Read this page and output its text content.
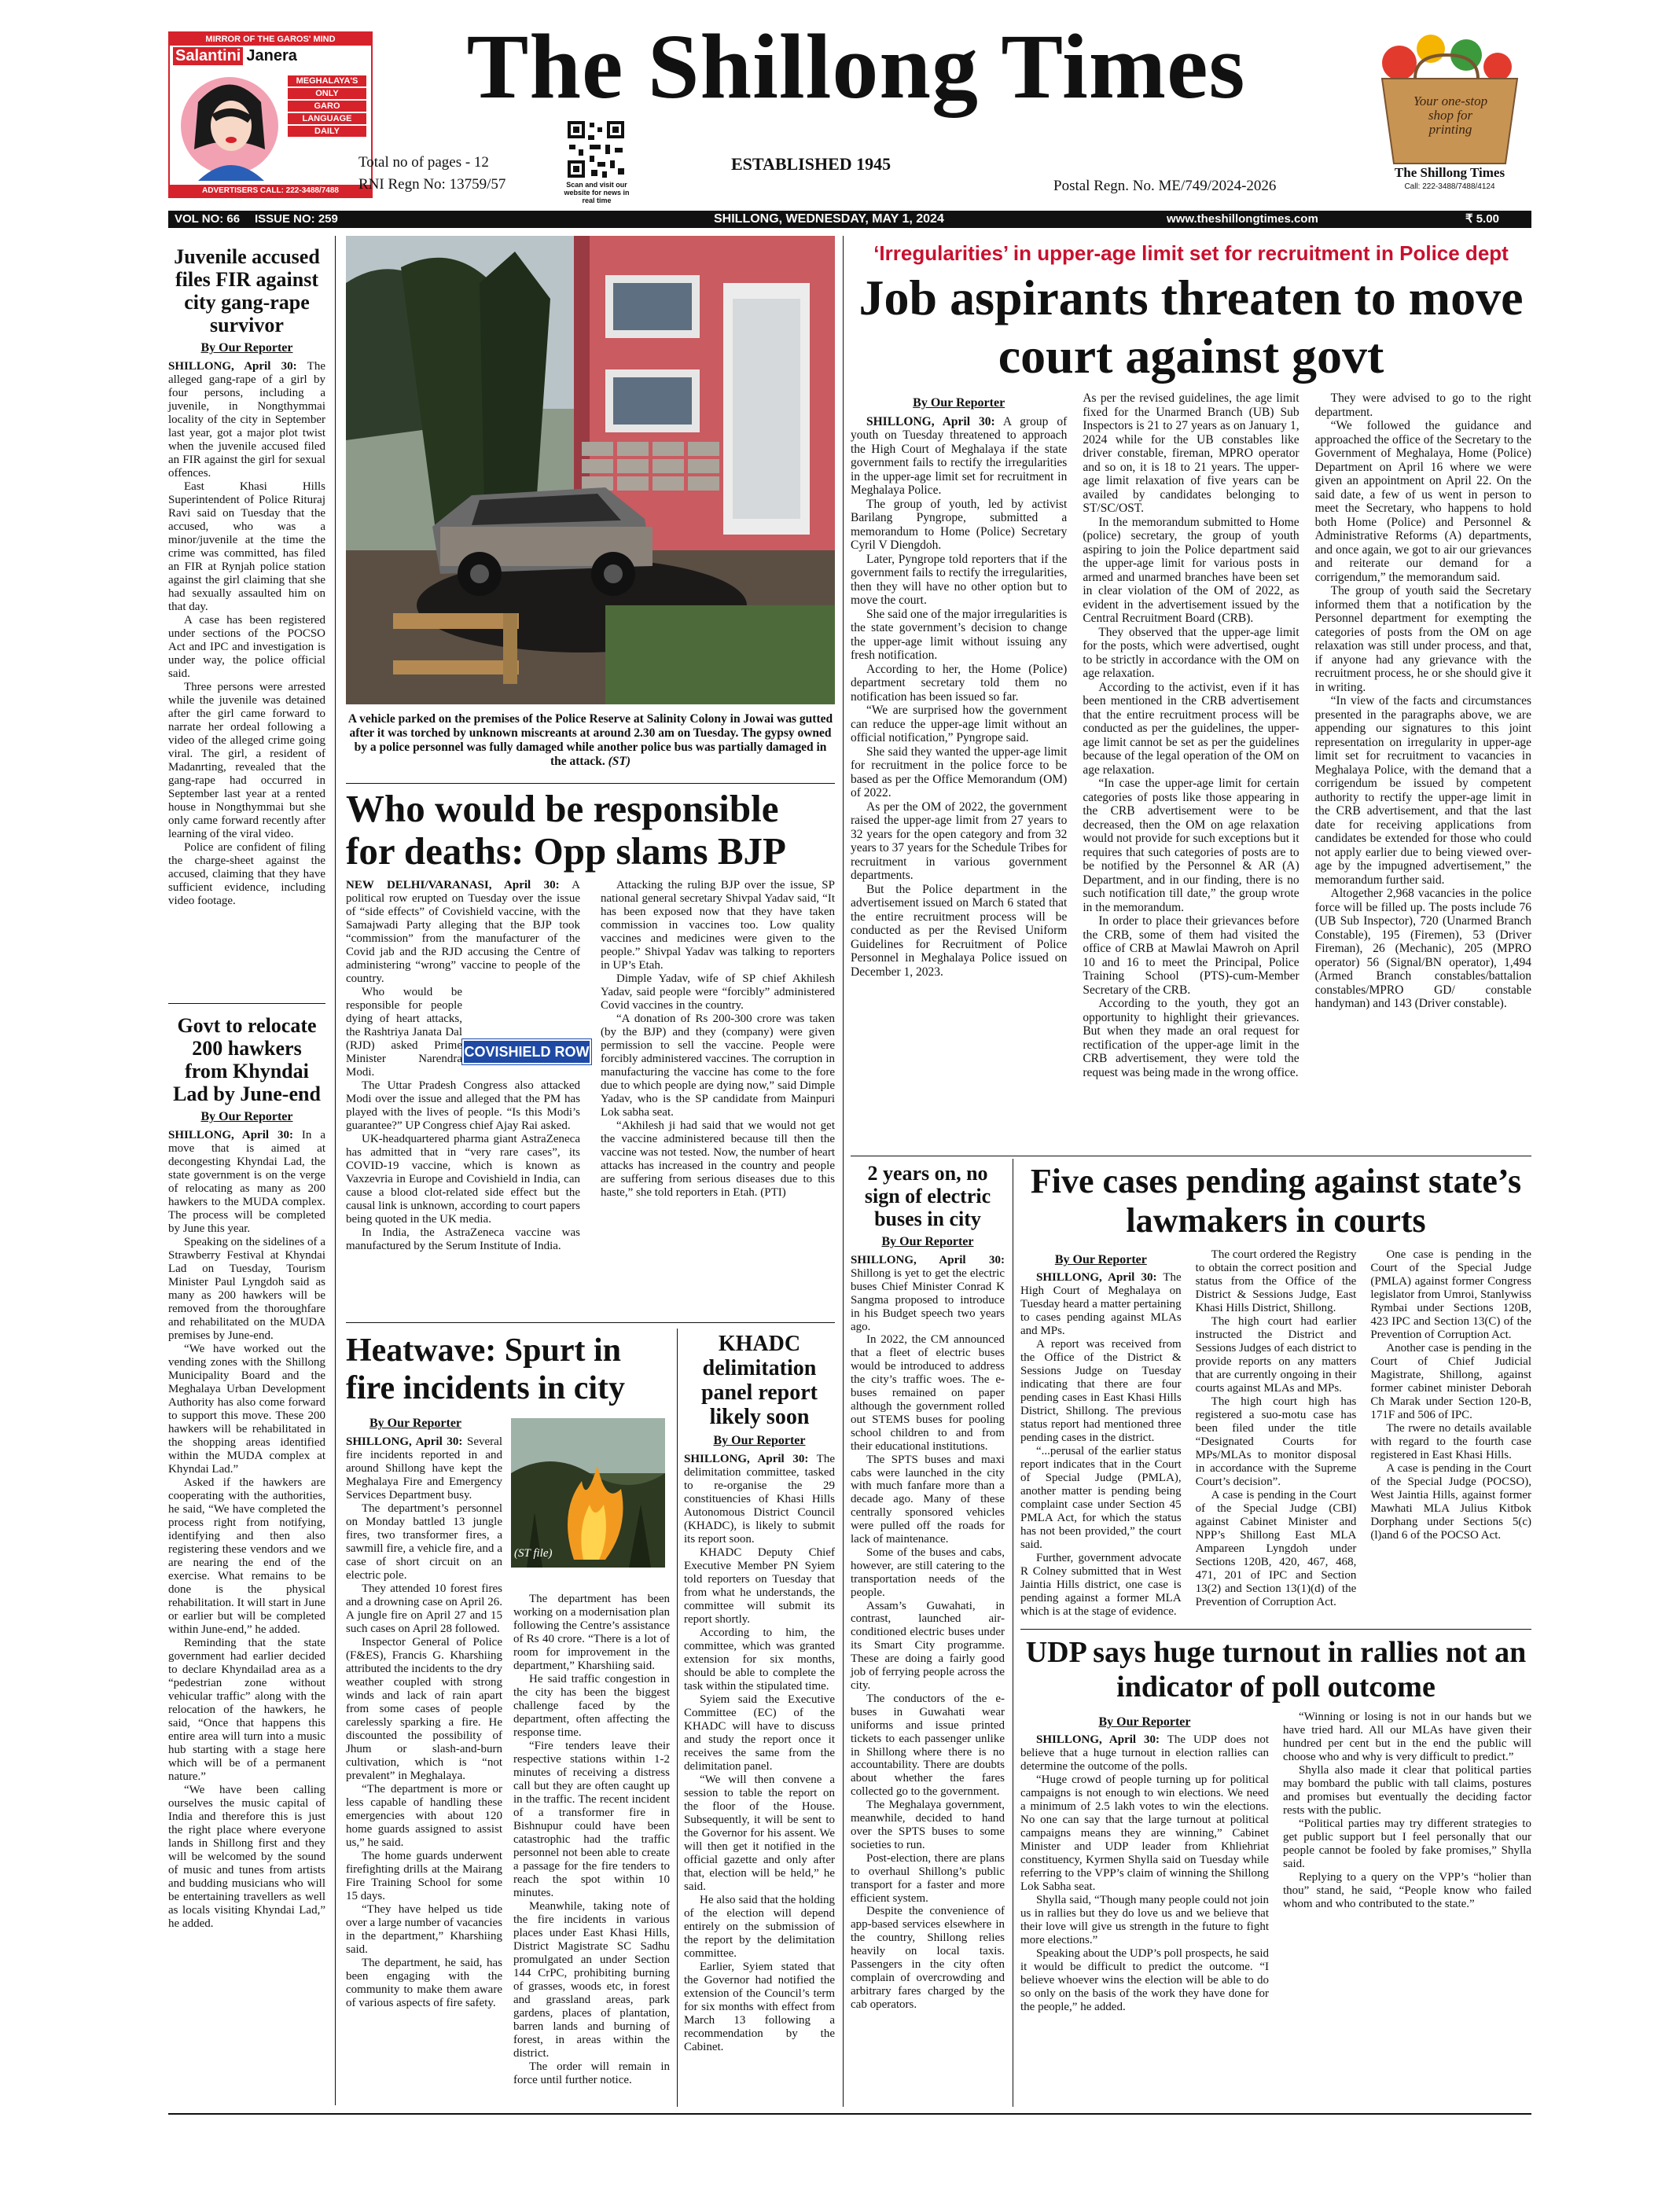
MIRROR OF THE GAROS' MIND
Salantini Janera
MEGHALAYA'S
ONLY
GARO
LANGUAGE
DAILY
ADVERTISERS CALL: 222-3488/7488
The Shillong Times
Total no of pages - 12
RNI Regn No: 13759/57	Scan and visit our website for news in real time
ESTABLISHED 1945
Postal Regn. No. ME/749/2024-2026
Your one-stop shop for printing
The Shillong Times
Call: 222-3488/7488/4124
VOL NO: 66 ISSUE NO: 259	SHILLONG, WEDNESDAY, MAY 1, 2024	www.theshillongtimes.com	₹ 5.00
Juvenile accused files FIR against city gang-rape survivor
By Our Reporter

SHILLONG, April 30: The alleged gang-rape of a girl by four persons, including a juvenile, in Nongthymmai locality of the city in September last year, got a major plot twist when the juvenile accused filed an FIR against the girl for sexual offences.

East Khasi Hills Superintendent of Police Rituraj Ravi said on Tuesday that the accused, who was a minor/juvenile at the time the crime was committed, has filed an FIR at Rynjah police station against the girl claiming that she had sexually assaulted him on that day.

A case has been registered under sections of the POCSO Act and IPC and investigation is under way, the police official said.

Three persons were arrested while the juvenile was detained after the girl came forward to narrate her ordeal following a video of the alleged crime going viral. The girl, a resident of Madanrting, revealed that the gang-rape had occurred in September last year at a rented house in Nongthymmai but she only came forward recently after learning of the viral video.

Police are confident of filing the charge-sheet against the accused, claiming that they have sufficient evidence, including video footage.

Govt to relocate 200 hawkers from Khyndai Lad by June-end
By Our Reporter

SHILLONG, April 30: In a move that is aimed at decongesting Khyndai Lad, the state government is on the verge of relocating as many as 200 hawkers to the MUDA complex. The process will be completed by June this year.

Speaking on the sidelines of a Strawberry Festival at Khyndai Lad on Tuesday, Tourism Minister Paul Lyngdoh said as many as 200 hawkers will be removed from the thoroughfare and rehabilitated on the MUDA premises by June-end.

“We have worked out the vending zones with the Shillong Municipality Board and the Meghalaya Urban Development Authority has also come forward to support this move. These 200 hawkers will be rehabilitated in the shopping areas identified within the MUDA complex at Khyndai Lad.”

Asked if the hawkers are cooperating with the authorities, he said, “We have completed the process right from notifying, identifying and then also registering these vendors and we are nearing the end of the exercise. What remains to be done is the physical rehabilitation. It will start in June or earlier but will be completed within June-end,” he added.

Reminding that the state government had earlier decided to declare Khyndailad area as a “pedestrian zone without vehicular traffic” along with the relocation of the hawkers, he said, “Once that happens this entire area will turn into a music hub starting with a stage here which will be of a permanent nature.”

“We have been calling ourselves the music capital of India and therefore this is just the right place where everyone lands in Shillong first and they will be welcomed by the sound of music and tunes from artists and budding musicians who will be entertaining travellers as well as locals visiting Khyndai Lad,” he added.

A vehicle parked on the premises of the Police Reserve at Salinity Colony in Jowai was gutted after it was torched by unknown miscreants at around 2.30 am on Tuesday. The gypsy owned by a police personnel was fully damaged while another police bus was partially damaged in the attack. (ST)
Who would be responsible for deaths: Opp slams BJP
COVISHIELD ROW

NEW DELHI/VARANASI, April 30: A political row erupted on Tuesday over the issue of “side effects” of Covishield vaccine, with the Samajwadi Party alleging that the BJP took “commission” from the manufacturer of the Covid jab and the RJD accusing the Centre of administering “wrong” vaccine to people of the country.

Who would be responsible for people dying of heart attacks, the Rashtriya Janata Dal (RJD) asked Prime Minister Narendra Modi.

The Uttar Pradesh Congress also attacked Modi over the issue and alleged that the PM has played with the lives of people. “Is this Modi’s guarantee?” UP Congress chief Ajay Rai asked.

UK-headquartered pharma giant AstraZeneca has admitted that in “very rare cases”, its COVID-19 vaccine, which is known as Vaxzevria in Europe and Covishield in India, can cause a blood clot-related side effect but the causal link is unknown, according to court papers being quoted in the UK media.

In India, the AstraZeneca vaccine was manufactured by the Serum Institute of India.

Attacking the ruling BJP over the issue, SP national general secretary Shivpal Yadav said, “It has been exposed now that they have taken commission in vaccines too. Low quality vaccines and medicines were given to the people.” Shivpal Yadav was talking to reporters in UP’s Etah.

Dimple Yadav, wife of SP chief Akhilesh Yadav, said people were “forcibly” administered Covid vaccines in the country.

“A donation of Rs 200-300 crore was taken (by the BJP) and they (company) were given permission to sell the vaccine. People were forcibly administered vaccines. The corruption in manufacturing the vaccine has come to the fore due to which people are dying now,” said Dimple Yadav, who is the SP candidate from Mainpuri Lok sabha seat.

“Akhilesh ji had said that we would not get the vaccine administered because till then the vaccine was not tested. Now, the number of heart attacks has increased in the country and people are suffering from serious diseases due to this haste,” she told reporters in Etah. (PTI)

Heatwave: Spurt in fire incidents in city
By Our Reporter
(ST file)

SHILLONG, April 30: Several fire incidents reported in and around Shillong have kept the Meghalaya Fire and Emergency Services Department busy.

The department’s personnel on Monday battled 13 jungle fires, two transformer fires, a sawmill fire, a vehicle fire, and a case of short circuit on an electric pole.

They attended 10 forest fires and a drowning case on April 26. A jungle fire on April 27 and 15 such cases on April 28 followed.

Inspector General of Police (F&ES), Francis G. Kharshiing attributed the incidents to the dry weather coupled with strong winds and lack of rain apart from some cases of people carelessly sparking a fire. He discounted the possibility of Jhum or slash-and-burn cultivation, which is “not prevalent” in Meghalaya.

“The department is more or less capable of handling these emergencies with about 120 home guards assigned to assist us,” he said.

The home guards underwent firefighting drills at the Mairang Fire Training School for some 15 days.

“They have helped us tide over a large number of vacancies in the department,” Kharshiing said.

The department, he said, has been engaging with the community to make them aware of various aspects of fire safety.

The department has been working on a modernisation plan following the Centre’s assistance of Rs 40 crore. “There is a lot of room for improvement in the department,” Kharshiing said.

He said traffic congestion in the city has been the biggest challenge faced by the department, often affecting the response time.

“Fire tenders leave their respective stations within 1-2 minutes of receiving a distress call but they are often caught up in the traffic. The recent incident of a transformer fire in Bishnupur could have been catastrophic had the traffic personnel not been able to create a passage for the fire tenders to reach the spot within 10 minutes.

Meanwhile, taking note of the fire incidents in various places under East Khasi Hills, District Magistrate SC Sadhu promulgated an under Section 144 CrPC, prohibiting burning of grasses, woods etc, in forest and grassland areas, park gardens, places of plantation, barren lands and burning of forest, in areas within the district.

The order will remain in force until further notice.

KHADC delimitation panel report likely soon
By Our Reporter

SHILLONG, April 30: The delimitation committee, tasked to re-organise the 29 constituencies of Khasi Hills Autonomous District Council (KHADC), is likely to submit its report soon.

KHADC Deputy Chief Executive Member PN Syiem told reporters on Tuesday that from what he understands, the committee will submit its report shortly.

According to him, the committee, which was granted extension for six months, should be able to complete the task within the stipulated time.

Syiem said the Executive Committee (EC) of the KHADC will have to discuss and study the report once it receives the same from the delimitation panel.

“We will then convene a session to table the report on the floor of the House. Subsequently, it will be sent to the Governor for his assent. We will then get it notified in the official gazette and only after that, election will be held,” he said.

He also said that the holding of the election will depend entirely on the submission of the report by the delimitation committee.

Earlier, Syiem stated that the Governor had notified the extension of the Council’s term for six months with effect from March 13 following a recommendation by the Cabinet.

‘Irregularities’ in upper-age limit set for recruitment in Police dept
Job aspirants threaten to move court against govt
By Our Reporter

SHILLONG, April 30: A group of youth on Tuesday threatened to approach the High Court of Meghalaya if the state government fails to rectify the irregularities in the upper-age limit set for recruitment in Meghalaya Police.

The group of youth, led by activist Barilang Pyngrope, submitted a memorandum to Home (Police) Secretary Cyril V Diengdoh.

Later, Pyngrope told reporters that if the government fails to rectify the irregularities, then they will have no other option but to move the court.

She said one of the major irregularities is the state government’s decision to change the upper-age limit without issuing any fresh notification.

According to her, the Home (Police) department secretary told them no notification has been issued so far.

“We are surprised how the government can reduce the upper-age limit without an official notification,” Pyngrope said.

She said they wanted the upper-age limit for recruitment in the police force to be based as per the Office Memorandum (OM) of 2022.

As per the OM of 2022, the government raised the upper-age limit from 27 years to 32 years for the open category and from 32 years to 37 years for the Schedule Tribes for recruitment in various government departments.

But the Police department in the advertisement issued on March 6 stated that the entire recruitment process will be conducted as per the Revised Uniform Guidelines for Recruitment of Police Personnel in Meghalaya Police issued on December 1, 2023.

As per the revised guidelines, the age limit fixed for the Unarmed Branch (UB) Sub Inspectors is 21 to 27 years as on January 1, 2024 while for the UB constables like driver constable, fireman, MPRO operator and so on, it is 18 to 21 years. The upper-age limit relaxation of five years can be availed by candidates belonging to ST/SC/OST.

In the memorandum submitted to Home (police) secretary, the group of youth aspiring to join the Police department said the upper-age limit for various posts in armed and unarmed branches have been set in clear violation of the OM of 2022, as evident in the advertisement issued by the Central Recruitment Board (CRB).

They observed that the upper-age limit for the posts, which were advertised, ought to be strictly in accordance with the OM on age relaxation.

According to the activist, even if it has been mentioned in the CRB advertisement that the entire recruitment process will be conducted as per the guidelines, the upper-age limit cannot be set as per the guidelines because of the legal operation of the OM on age relaxation.

“In case the upper-age limit for certain categories of posts like those appearing in the CRB advertisement were to be decreased, then the OM on age relaxation would not provide for such exceptions but it requires that such categories of posts are to be notified by the Personnel & AR (A) Department, and in our finding, there is no such notification till date,” the group wrote in the memorandum.

In order to place their grievances before the CRB, some of them had visited the office of CRB at Mawlai Mawroh on April 10 and 16 to meet the Principal, Police Training School (PTS)-cum-Member Secretary of the CRB.

According to the youth, they got an opportunity to highlight their grievances. But when they made an oral request for rectification of the upper-age limit in the CRB advertisement, they were told the request was being made in the wrong office.

They were advised to go to the right department.

“We followed the guidance and approached the office of the Secretary to the Government of Meghalaya, Home (Police) Department on April 16 where we were given an appointment on April 22. On the said date, a few of us went in person to meet the Secretary, who happens to hold both Home (Police) and Personnel & Administrative Reforms (A) departments, and once again, we got to air our grievances and reiterate our demand for a corrigendum,” the memorandum said.

The group of youth said the Secretary informed them that a notification by the Personnel department for exempting the categories of posts from the OM on age relaxation was still under process, and that, if anyone had any grievance with the recruitment process, he or she should give it in writing.

“In view of the facts and circumstances presented in the paragraphs above, we are appending our signatures to this joint representation on irregularity in upper-age limit set for recruitment to vacancies in Meghalaya Police, with the demand that a corrigendum be issued by competent authority to rectify the upper-age limit in the CRB advertisement, and that the last date for receiving applications from candidates be extended for those who could not apply earlier due to being viewed over-age by the impugned advertisement,” the memorandum further said.

Altogether 2,968 vacancies in the police force will be filled up. The posts include 76 (UB Sub Inspector), 720 (Unarmed Branch Constable), 195 (Firemen), 53 (Driver Fireman), 26 (Mechanic), 205 (MPRO operator) 56 (Signal/BN operator), 1,494 (Armed Branch constables/battalion constables/MPRO GD/ constable handyman) and 143 (Driver constable).

2 years on, no sign of electric buses in city
By Our Reporter

SHILLONG, April 30: Shillong is yet to get the electric buses Chief Minister Conrad K Sangma proposed to introduce in his Budget speech two years ago.

In 2022, the CM announced that a fleet of electric buses would be introduced to address the city’s traffic woes. The e-buses remained on paper although the government rolled out STEMS buses for pooling school children to and from their educational institutions.

The SPTS buses and maxi cabs were launched in the city with much fanfare more than a decade ago. Many of these centrally sponsored vehicles were pulled off the roads for lack of maintenance.

Some of the buses and cabs, however, are still catering to the transportation needs of the people.

Assam’s Guwahati, in contrast, launched air-conditioned electric buses under its Smart City programme. These are doing a fairly good job of ferrying people across the city.

The conductors of the e-buses in Guwahati wear uniforms and issue printed tickets to each passenger unlike in Shillong where there is no accountability. There are doubts about whether the fares collected go to the government.

The Meghalaya government, meanwhile, decided to hand over the SPTS buses to some societies to run.

Post-election, there are plans to overhaul Shillong’s public transport for a faster and more efficient system.

Despite the convenience of app-based services elsewhere in the country, Shillong relies heavily on local taxis. Passengers in the city often complain of overcrowding and arbitrary fares charged by the cab operators.

Five cases pending against state’s lawmakers in courts
By Our Reporter

SHILLONG, April 30: The High Court of Meghalaya on Tuesday heard a matter pertaining to cases pending against MLAs and MPs.

A report was received from the Office of the District & Sessions Judge on Tuesday indicating that there are four pending cases in East Khasi Hills District, Shillong. The previous status report had mentioned three pending cases in the district.

“...perusal of the earlier status report indicates that in the Court of Special Judge (PMLA), another matter is pending being complaint case under Section 45 PMLA Act, for which the status has not been provided,” the court said.

Further, government advocate R Colney submitted that in West Jaintia Hills district, one case is pending against a former MLA which is at the stage of evidence.

The court ordered the Registry to obtain the correct position and status from the Office of the District & Sessions Judge, East Khasi Hills District, Shillong.

The high court had earlier instructed the District and Sessions Judges of each district to provide reports on any matters that are currently ongoing in their courts against MLAs and MPs.

The high court high has registered a suo-motu case has been filed under the title “Designated Courts for MPs/MLAs to monitor disposal in accordance with the Supreme Court’s decision”.

A case is pending in the Court of the Special Judge (CBI) against Cabinet Minister and NPP’s Shillong East MLA Ampareen Lyngdoh under Sections 120B, 420, 467, 468, 471, 201 of IPC and Section 13(2) and Section 13(1)(d) of the Prevention of Corruption Act.

One case is pending in the Court of the Special Judge (PMLA) against former Congress legislator from Umroi, Stanlywiss Rymbai under Sections 120B, 423 IPC and Section 13(C) of the Prevention of Corruption Act.

Another case is pending in the Court of Chief Judicial Magistrate, Shillong, against former cabinet minister Deborah Ch Marak under Section 120-B, 171F and 506 of IPC.

The rwere no details available with regard to the fourth case registered in East Khasi Hills.

A case is pending in the Court of the Special Judge (POCSO), West Jaintia Hills, against former Mawhati MLA Julius Kitbok Dorphang under Sections 5(c)(l)and 6 of the POCSO Act.

UDP says huge turnout in rallies not an indicator of poll outcome
By Our Reporter

SHILLONG, April 30: The UDP does not believe that a huge turnout in election rallies can determine the outcome of the polls.

“Huge crowd of people turning up for political campaigns is not enough to win elections. We need a minimum of 2.5 lakh votes to win the elections. No one can say that the large turnout at political campaigns means they are winning,” Cabinet Minister and UDP leader from Khliehriat constituency, Kyrmen Shylla said on Tuesday while referring to the VPP’s claim of winning the Shillong Lok Sabha seat.

Shylla said, “Though many people could not join us in rallies but they do love us and we believe that their love will give us strength in the future to fight more elections.”

Speaking about the UDP’s poll prospects, he said it would be difficult to predict the outcome. “I believe whoever wins the election will be able to do so only on the basis of the work they have done for the people,” he added.

“Winning or losing is not in our hands but we have tried hard. All our MLAs have given their hundred per cent but in the end the public will choose who and why is very difficult to predict.”

Shylla also made it clear that political parties may bombard the public with tall claims, postures and promises but eventually the deciding factor rests with the public.

“Political parties may try different strategies to get public support but I feel personally that our people cannot be fooled by fake promises,” Shylla said.

Replying to a query on the VPP’s “holier than thou” stand, he said, “People know who failed whom and who contributed to the state.”
